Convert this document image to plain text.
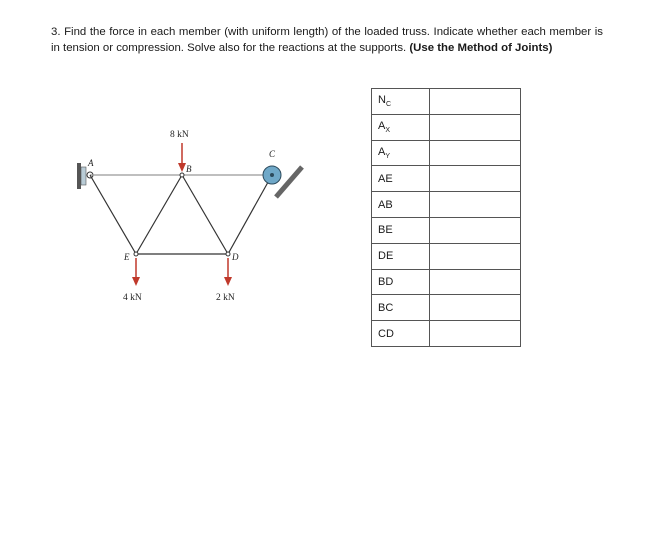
3. Find the force in each member (with uniform length) of the loaded truss. Indicate whether each member is in tension or compression. Solve also for the reactions at the supports. (Use the Method of Joints)

A
B
C
D
E
8 kN
4 kN	2 kN
$N_C$	
$A_X$	
$A_Y$	
AE	
AB	
BE	
DE	
BD	
BC	
CD	
